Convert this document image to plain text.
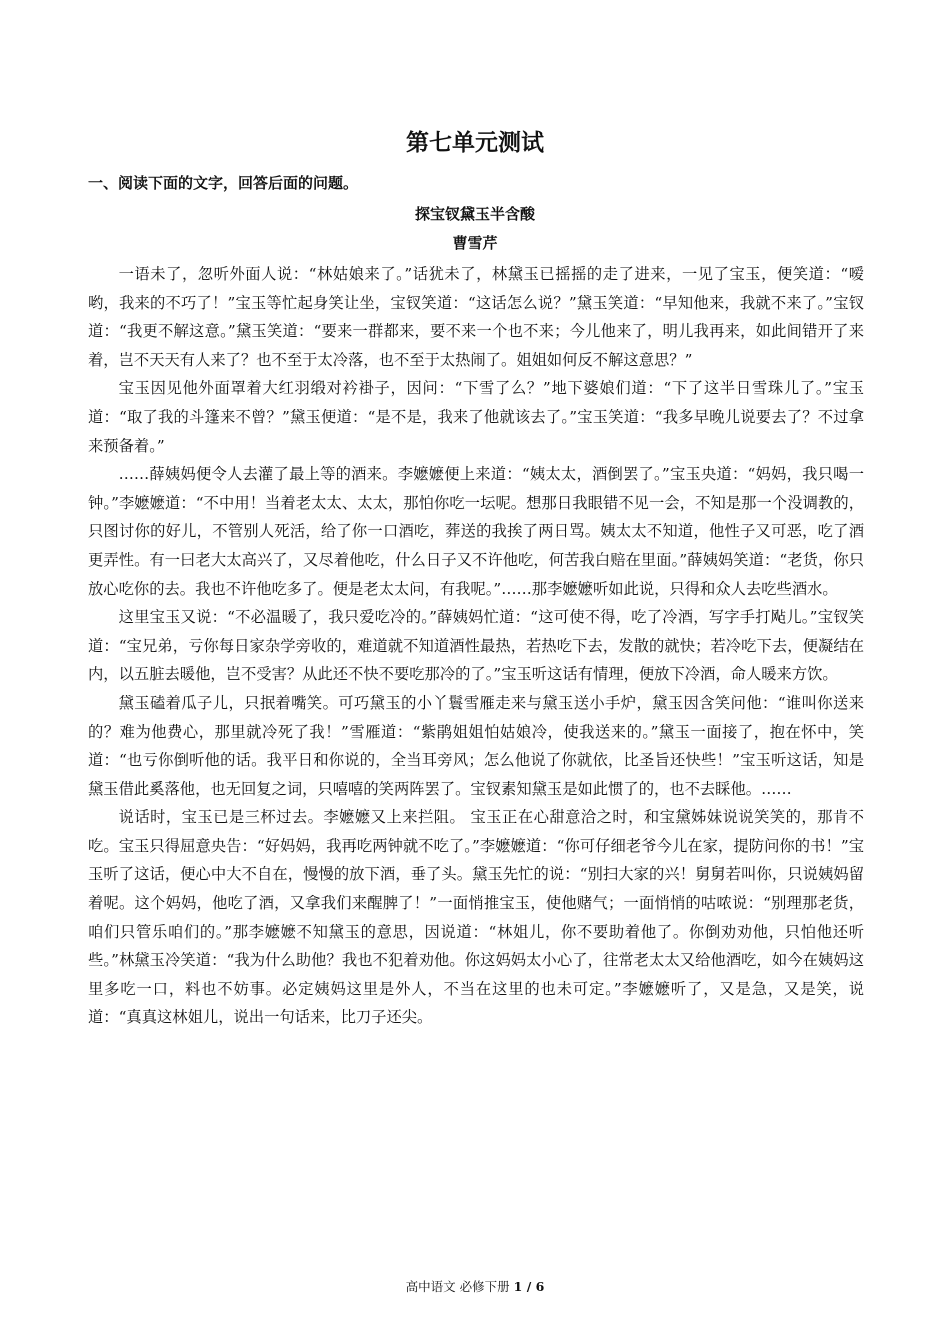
第七单元测试
一、阅读下面的文字，回答后面的问题。
探宝钗黛玉半含酸
曹雪芹

一语未了，忽听外面人说：“林姑娘来了。”话犹未了，林黛玉已摇摇的走了进来，一见了宝玉，便笑道：“嗳哟，我来的不巧了！”宝玉等忙起身笑让坐，宝钗笑道：“这话怎么说？”黛玉笑道：“早知他来，我就不来了。”宝钗道：“我更不解这意。”黛玉笑道：“要来一群都来，要不来一个也不来；今儿他来了，明儿我再来，如此间错开了来着，岂不天天有人来了？也不至于太冷落，也不至于太热闹了。姐姐如何反不解这意思？”

宝玉因见他外面罩着大红羽缎对衿褂子，因问：“下雪了么？”地下婆娘们道：“下了这半日雪珠儿了。”宝玉道：“取了我的斗篷来不曾？”黛玉便道：“是不是，我来了他就该去了。”宝玉笑道：“我多早晚儿说要去了？不过拿来预备着。”

……薛姨妈便令人去灌了最上等的酒来。李嬷嬷便上来道：“姨太太，酒倒罢了。”宝玉央道：“妈妈，我只喝一钟。”李嬷嬷道：“不中用！当着老太太、太太，那怕你吃一坛呢。想那日我眼错不见一会，不知是那一个没调教的，只图讨你的好儿，不管别人死活，给了你一口酒吃，葬送的我挨了两日骂。姨太太不知道，他性子又可恶，吃了酒更弄性。有一曰老大太高兴了，又尽着他吃，什么日子又不许他吃，何苦我白赔在里面。”薛姨妈笑道：“老货，你只放心吃你的去。我也不许他吃多了。便是老太太问，有我呢。”……那李嬷嬷听如此说，只得和众人去吃些酒水。

这里宝玉又说：“不必温暖了，我只爱吃冷的。”薛姨妈忙道：“这可使不得，吃了冷酒，写字手打飐儿。”宝钗笑道：“宝兄弟，亏你每日家杂学旁收的，难道就不知道酒性最热，若热吃下去，发散的就快；若冷吃下去，便凝结在内，以五脏去暖他，岂不受害？从此还不快不要吃那冷的了。”宝玉听这话有情理，便放下冷酒，命人暖来方饮。

黛玉磕着瓜子儿，只抿着嘴笑。可巧黛玉的小丫鬟雪雁走来与黛玉送小手炉，黛玉因含笑问他：“谁叫你送来的？难为他费心，那里就冷死了我！”雪雁道：“紫鹃姐姐怕姑娘冷，使我送来的。”黛玉一面接了，抱在怀中，笑道：“也亏你倒听他的话。我平日和你说的，全当耳旁风；怎么他说了你就依，比圣旨还快些！”宝玉听这话，知是黛玉借此奚落他，也无回复之词，只嘻嘻的笑两阵罢了。宝钗素知黛玉是如此惯了的，也不去睬他。……

说话时，宝玉已是三杯过去。李嬷嬷又上来拦阻。 宝玉正在心甜意洽之时，和宝黛姊妹说说笑笑的，那肯不吃。宝玉只得屈意央告：“好妈妈，我再吃两钟就不吃了。”李嬷嬷道：“你可仔细老爷今儿在家，提防问你的书！”宝玉听了这话，便心中大不自在，慢慢的放下酒，垂了头。黛玉先忙的说：“别扫大家的兴！舅舅若叫你，只说姨妈留着呢。这个妈妈，他吃了酒，又拿我们来醒脾了！”一面悄推宝玉，使他赌气；一面悄悄的咕哝说：“别理那老货，咱们只管乐咱们的。”那李嬷嬷不知黛玉的意思，因说道：“林姐儿，你不要助着他了。你倒劝劝他，只怕他还听些。”林黛玉冷笑道：“我为什么助他？我也不犯着劝他。你这妈妈太小心了，往常老太太又给他酒吃，如今在姨妈这里多吃一口，料也不妨事。必定姨妈这里是外人，不当在这里的也未可定。”李嬷嬷听了，又是急，又是笑，说道：“真真这林姐儿，说出一句话来，比刀子还尖。

高中语文 必修下册 1 / 6
